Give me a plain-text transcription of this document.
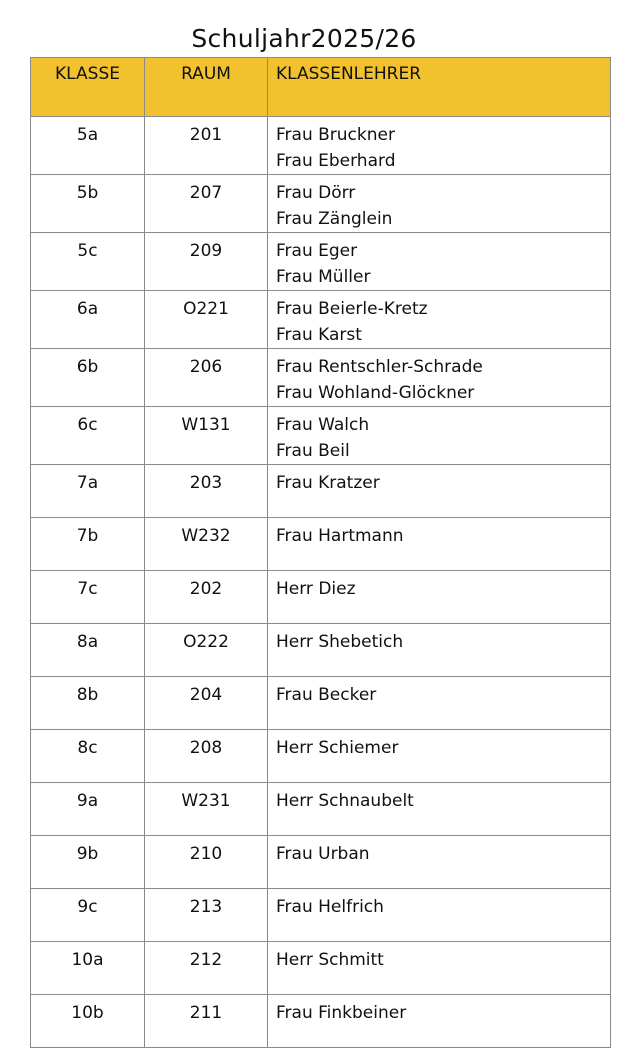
Schuljahr2025/26
KLASSE	RAUM	KLASSENLEHRER
5a	201	Frau Bruckner
Frau Eberhard

5b	207	Frau Dörr
Frau Zänglein

5c	209	Frau Eger
Frau Müller

6a	O221	Frau Beierle-Kretz
Frau Karst

6b	206	Frau Rentschler-Schrade
Frau Wohland-Glöckner

6c	W131	Frau Walch
Frau Beil

7a	203	Frau Kratzer

7b	W232	Frau Hartmann

7c	202	Herr Diez

8a	O222	Herr Shebetich

8b	204	Frau Becker

8c	208	Herr Schiemer

9a	W231	Herr Schnaubelt

9b	210	Frau Urban

9c	213	Frau Helfrich

10a	212	Herr Schmitt

10b	211	Frau Finkbeiner
